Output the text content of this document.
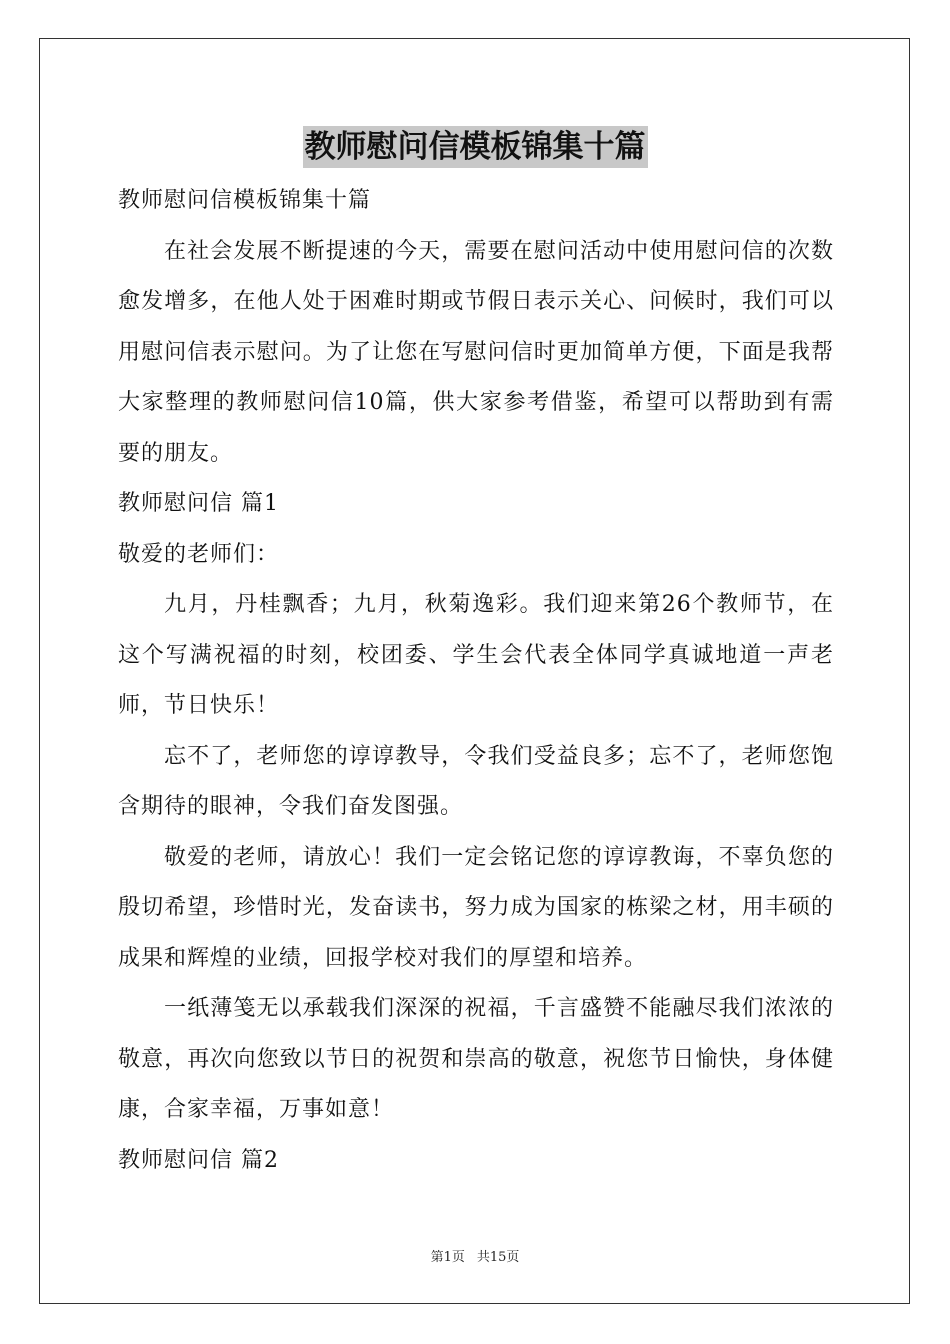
教师慰问信模板锦集十篇

教师慰问信模板锦集十篇

在社会发展不断提速的今天，需要在慰问活动中使用慰问信的次数愈发增多，在他人处于困难时期或节假日表示关心、问候时，我们可以用慰问信表示慰问。为了让您在写慰问信时更加简单方便，下面是我帮大家整理的教师慰问信10篇，供大家参考借鉴，希望可以帮助到有需要的朋友。

教师慰问信 篇1

敬爱的老师们：

九月，丹桂飘香；九月，秋菊逸彩。我们迎来第26个教师节，在这个写满祝福的时刻，校团委、学生会代表全体同学真诚地道一声老师，节日快乐！

忘不了，老师您的谆谆教导，令我们受益良多；忘不了，老师您饱含期待的眼神，令我们奋发图强。

敬爱的老师，请放心！我们一定会铭记您的谆谆教诲，不辜负您的殷切希望，珍惜时光，发奋读书，努力成为国家的栋梁之材，用丰硕的成果和辉煌的业绩，回报学校对我们的厚望和培养。

一纸薄笺无以承载我们深深的祝福，千言盛赞不能融尽我们浓浓的敬意，再次向您致以节日的祝贺和崇高的敬意，祝您节日愉快，身体健康，合家幸福，万事如意！

教师慰问信 篇2

第1页 共15页
